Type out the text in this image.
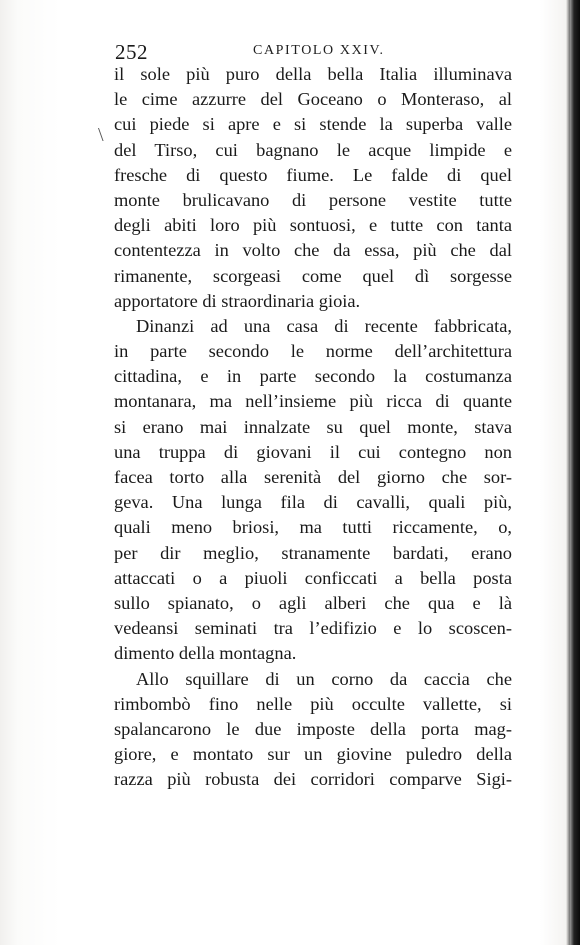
252	CAPITOLO XXIV.
\

il sole più puro della bella Italia illuminava
le cime azzurre del Goceano o Monteraso, al
cui piede si apre e si stende la superba valle
del Tirso, cui bagnano le acque limpide e
fresche di questo fiume. Le falde di quel
monte brulicavano di persone vestite tutte
degli abiti loro più sontuosi, e tutte con tanta
contentezza in volto che da essa, più che dal
rimanente, scorgeasi come quel dì sorgesse
apportatore di straordinaria gioia.

Dinanzi ad una casa di recente fabbricata,
in parte secondo le norme dell’architettura
cittadina, e in parte secondo la costumanza
montanara, ma nell’insieme più ricca di quante
si erano mai innalzate su quel monte, stava
una truppa di giovani il cui contegno non
facea torto alla serenità del giorno che sor-
geva. Una lunga fila di cavalli, quali più,
quali meno briosi, ma tutti riccamente, o,
per dir meglio, stranamente bardati, erano
attaccati o a piuoli conficcati a bella posta
sullo spianato, o agli alberi che qua e là
vedeansi seminati tra l’edifizio e lo scoscen-
dimento della montagna.

Allo squillare di un corno da caccia che
rimbombò fino nelle più occulte vallette, si
spalancarono le due imposte della porta mag-
giore, e montato sur un giovine puledro della
razza più robusta dei corridori comparve Sigi-
